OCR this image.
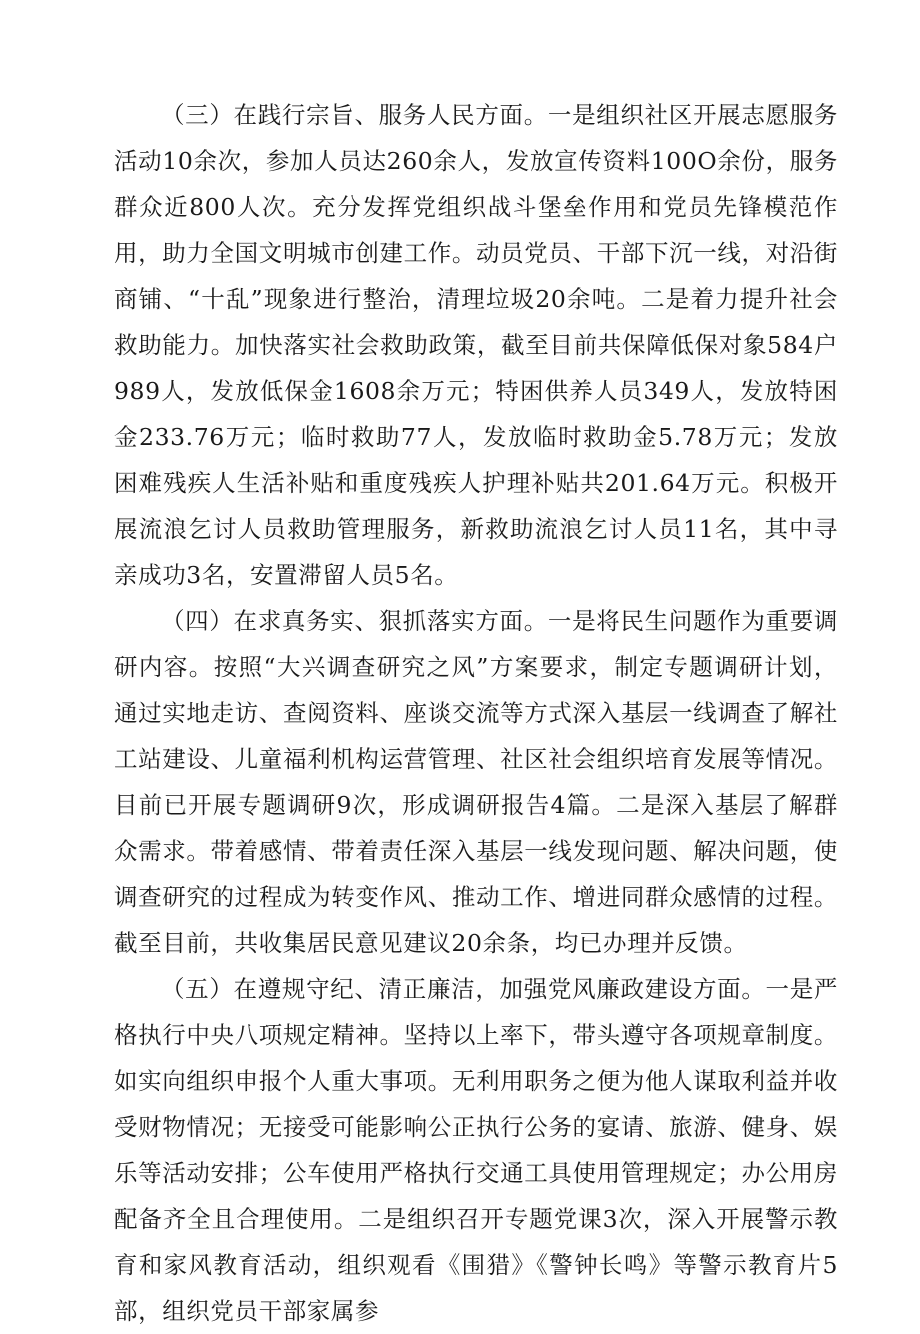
（三）在践行宗旨、服务人民方面。一是组织社区开展志愿服务活动10余次，参加人员达260余人，发放宣传资料100O余份，服务群众近800人次。充分发挥党组织战斗堡垒作用和党员先锋模范作用，助力全国文明城市创建工作。动员党员、干部下沉一线，对沿街商铺、“十乱”现象进行整治，清理垃圾20余吨。二是着力提升社会救助能力。加快落实社会救助政策，截至目前共保障低保对象584户989人，发放低保金1608余万元；特困供养人员349人，发放特困金233.76万元；临时救助77人，发放临时救助金5.78万元；发放困难残疾人生活补贴和重度残疾人护理补贴共201.64万元。积极开展流浪乞讨人员救助管理服务，新救助流浪乞讨人员11名，其中寻亲成功3名，安置滞留人员5名。

（四）在求真务实、狠抓落实方面。一是将民生问题作为重要调研内容。按照“大兴调查研究之风”方案要求，制定专题调研计划，通过实地走访、查阅资料、座谈交流等方式深入基层一线调查了解社工站建设、儿童福利机构运营管理、社区社会组织培育发展等情况。目前已开展专题调研9次，形成调研报告4篇。二是深入基层了解群众需求。带着感情、带着责任深入基层一线发现问题、解决问题，使调查研究的过程成为转变作风、推动工作、增进同群众感情的过程。截至目前，共收集居民意见建议20余条，均已办理并反馈。

（五）在遵规守纪、清正廉洁，加强党风廉政建设方面。一是严格执行中央八项规定精神。坚持以上率下，带头遵守各项规章制度。如实向组织申报个人重大事项。无利用职务之便为他人谋取利益并收受财物情况；无接受可能影响公正执行公务的宴请、旅游、健身、娱乐等活动安排；公车使用严格执行交通工具使用管理规定；办公用房配备齐全且合理使用。二是组织召开专题党课3次，深入开展警示教育和家风教育活动，组织观看《围猎》《警钟长鸣》等警示教育片5部，组织党员干部家属参
